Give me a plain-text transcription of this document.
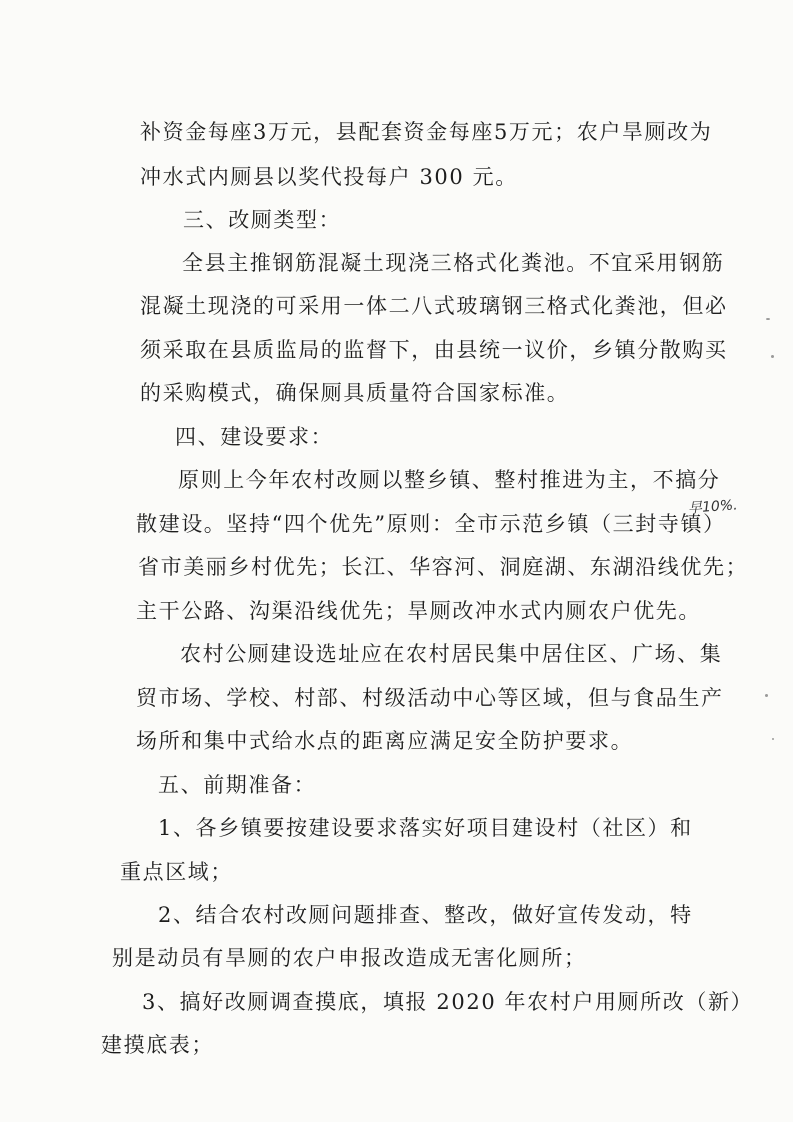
补资金每座3万元，县配套资金每座5万元；农户旱厕改为
冲水式内厕县以奖代投每户 300 元。
三、改厕类型：
全县主推钢筋混凝土现浇三格式化粪池。不宜采用钢筋
混凝土现浇的可采用一体二八式玻璃钢三格式化粪池，但必
须采取在县质监局的监督下，由县统一议价，乡镇分散购买
的采购模式，确保厕具质量符合国家标准。
四、建设要求：
原则上今年农村改厕以整乡镇、整村推进为主，不搞分
散建设。坚持“四个优先”原则：全市示范乡镇（三封寺镇）
省市美丽乡村优先；长江、华容河、洞庭湖、东湖沿线优先；
主干公路、沟渠沿线优先；旱厕改冲水式内厕农户优先。
农村公厕建设选址应在农村居民集中居住区、广场、集
贸市场、学校、村部、村级活动中心等区域，但与食品生产
场所和集中式给水点的距离应满足安全防护要求。
五、前期准备：
1、各乡镇要按建设要求落实好项目建设村（社区）和
重点区域；
2、结合农村改厕问题排查、整改，做好宣传发动，特
别是动员有旱厕的农户申报改造成无害化厕所；
3、搞好改厕调查摸底，填报 2020 年农村户用厕所改（新）
建摸底表；
早10%.
